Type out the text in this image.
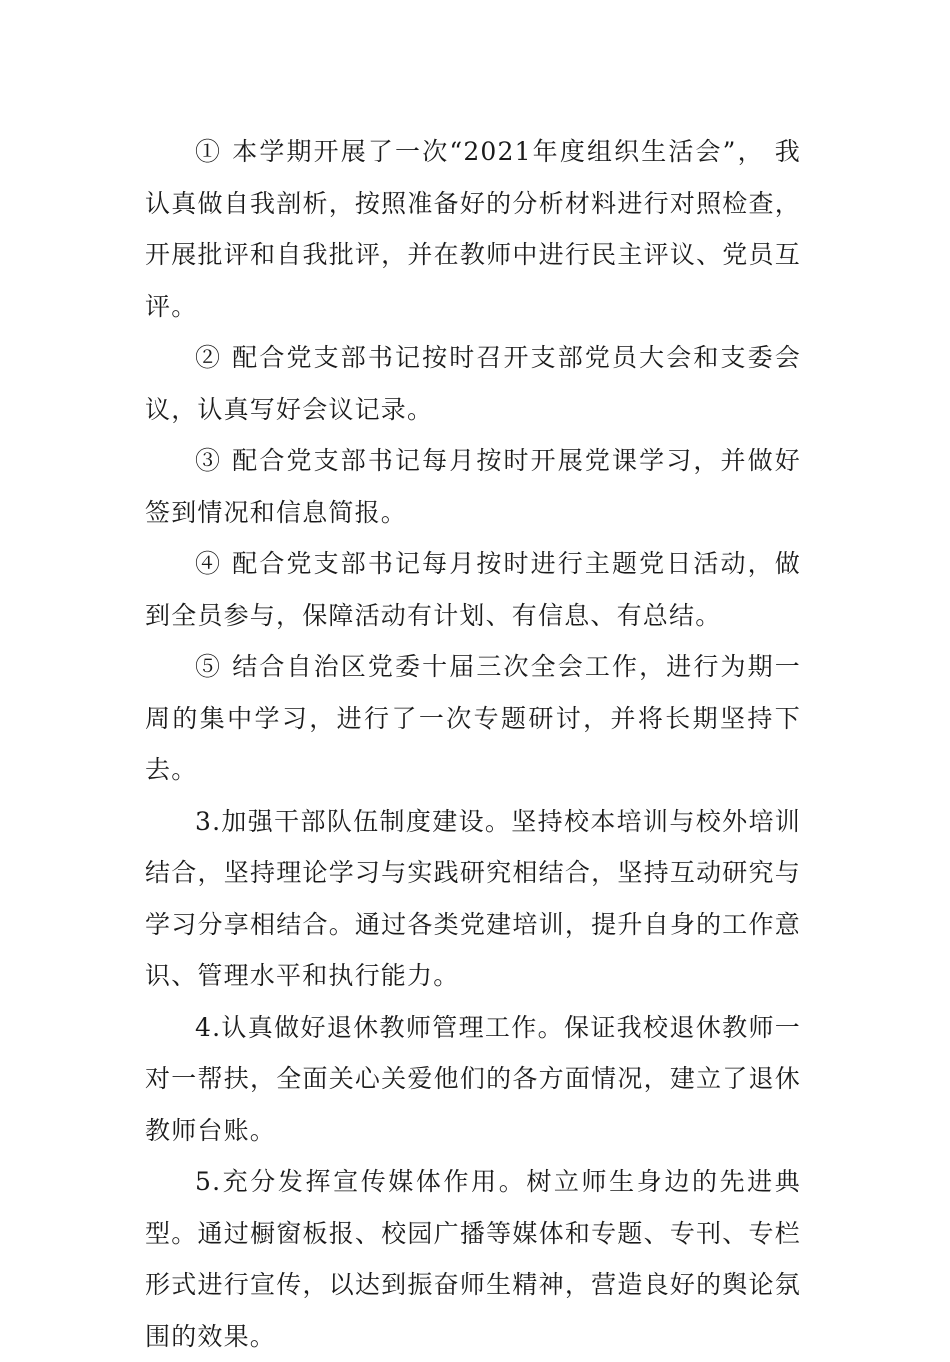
① 本学期开展了一次“2021年度组织生活会”， 我认真做自我剖析，按照准备好的分析材料进行对照检查，开展批评和自我批评，并在教师中进行民主评议、党员互评。

② 配合党支部书记按时召开支部党员大会和支委会议，认真写好会议记录。

③ 配合党支部书记每月按时开展党课学习，并做好签到情况和信息简报。

④ 配合党支部书记每月按时进行主题党日活动，做到全员参与，保障活动有计划、有信息、有总结。

⑤ 结合自治区党委十届三次全会工作，进行为期一周的集中学习，进行了一次专题研讨，并将长期坚持下去。

3.加强干部队伍制度建设。坚持校本培训与校外培训结合，坚持理论学习与实践研究相结合，坚持互动研究与学习分享相结合。通过各类党建培训，提升自身的工作意识、管理水平和执行能力。

4.认真做好退休教师管理工作。保证我校退休教师一对一帮扶，全面关心关爱他们的各方面情况，建立了退休教师台账。

5.充分发挥宣传媒体作用。树立师生身边的先进典型。通过橱窗板报、校园广播等媒体和专题、专刊、专栏形式进行宣传，以达到振奋师生精神，营造良好的舆论氛围的效果。
